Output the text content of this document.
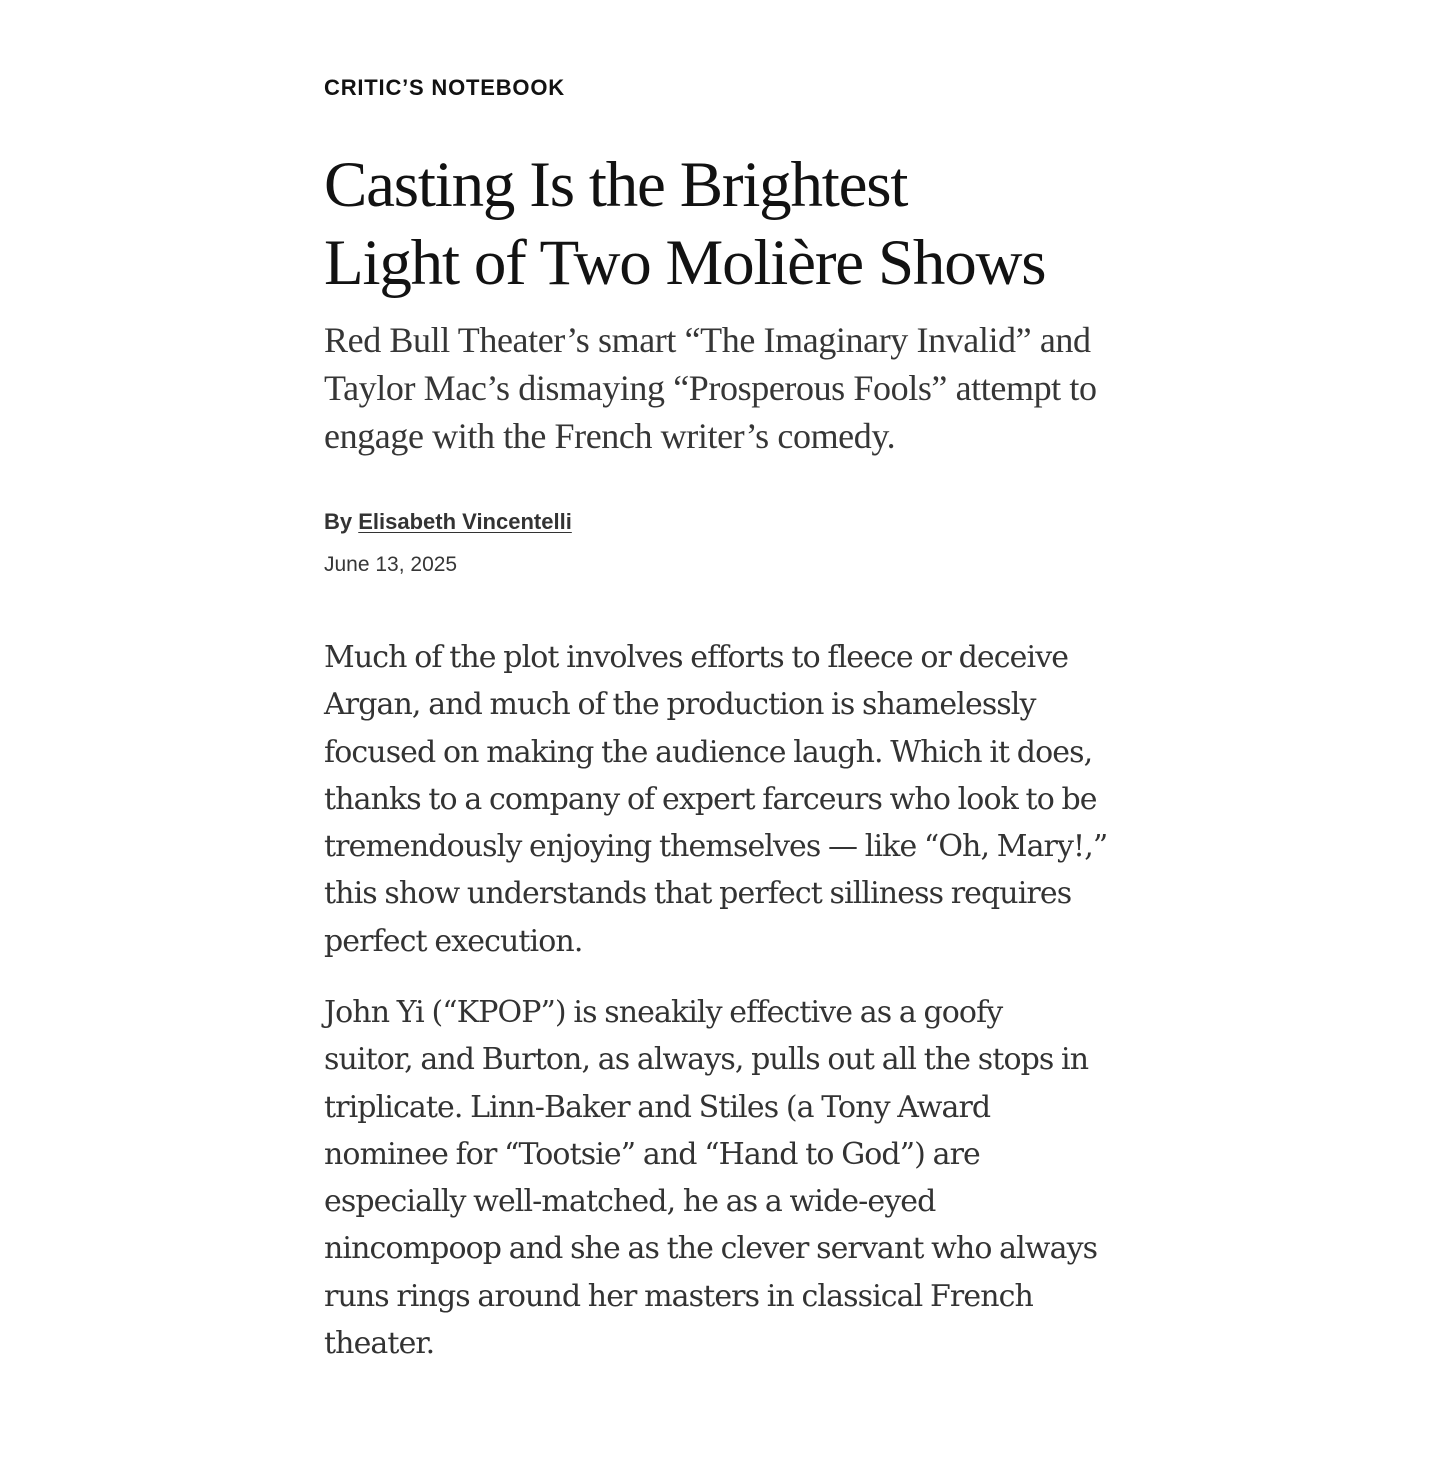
CRITIC’S NOTEBOOK
Casting Is the Brightest
Light of Two Molière Shows

Red Bull Theater’s smart “The Imaginary Invalid” and
Taylor Mac’s dismaying “Prosperous Fools” attempt to
engage with the French writer’s comedy.

By Elisabeth Vincentelli
June 13, 2025

Much of the plot involves efforts to fleece or deceive
Argan, and much of the production is shamelessly
focused on making the audience laugh. Which it does,
thanks to a company of expert farceurs who look to be
tremendously enjoying themselves — like “Oh, Mary!,”
this show understands that perfect silliness requires
perfect execution.

John Yi (“KPOP”) is sneakily effective as a goofy
suitor, and Burton, as always, pulls out all the stops in
triplicate. Linn-Baker and Stiles (a Tony Award
nominee for “Tootsie” and “Hand to God”) are
especially well-matched, he as a wide-eyed
nincompoop and she as the clever servant who always
runs rings around her masters in classical French
theater.
